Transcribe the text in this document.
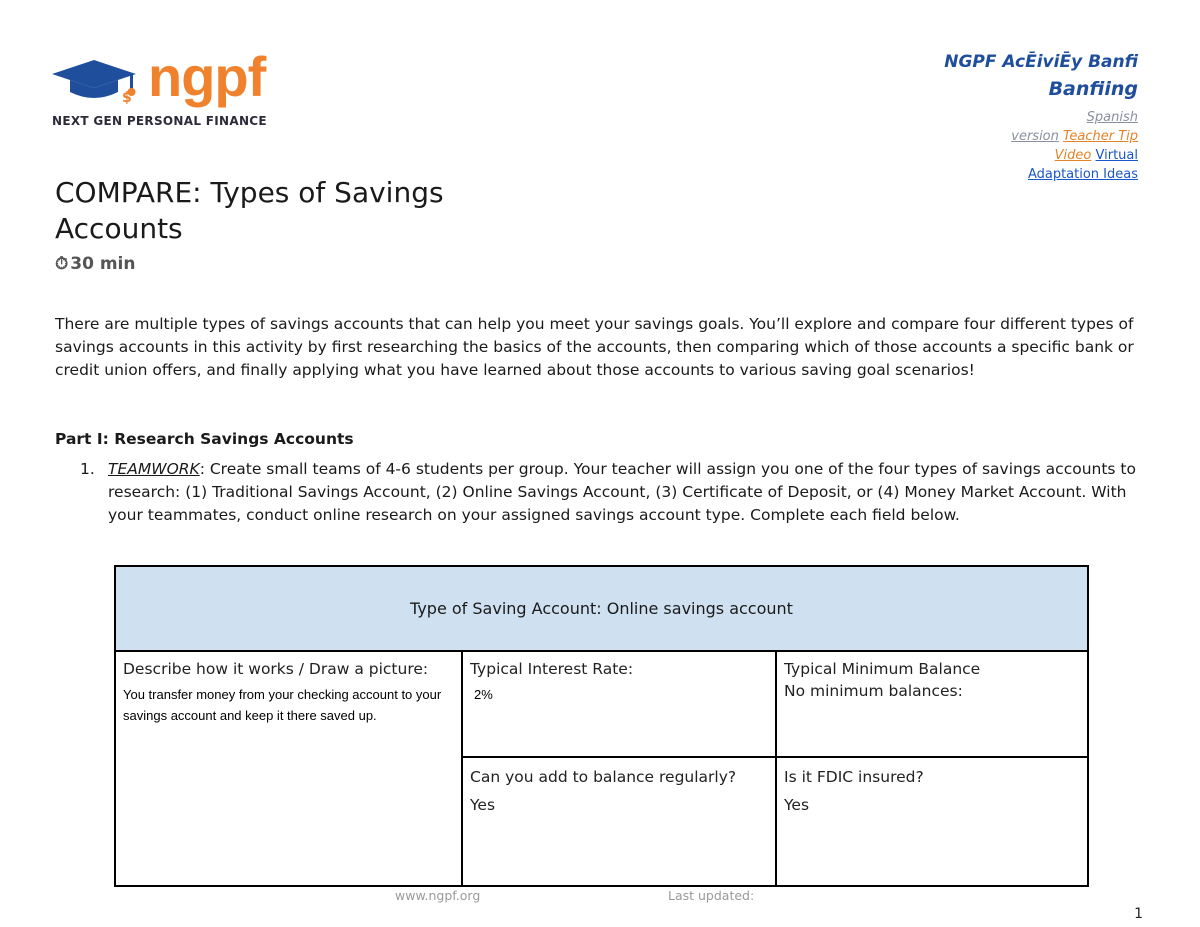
$ ngpf
NEXT GEN PERSONAL FINANCE
NGPF AcĒiviĒy Banfi
Banfiing
Spanish
version Teacher Tip
Video Virtual
Adaptation Ideas
COMPARE: Types of Savings Accounts
⏱ 30 min
There are multiple types of savings accounts that can help you meet your savings goals. You’ll explore and compare four different types of savings accounts in this activity by first researching the basics of the accounts, then comparing which of those accounts a specific bank or credit union offers, and finally applying what you have learned about those accounts to various saving goal scenarios!
Part I: Research Savings Accounts
1. TEAMWORK: Create small teams of 4-6 students per group. Your teacher will assign you one of the four types of savings accounts to research: (1) Traditional Savings Account, (2) Online Savings Account, (3) Certificate of Deposit, or (4) Money Market Account. With your teammates, conduct online research on your assigned savings account type. Complete each field below.
Type of Saving Account: Online savings account
Describe how it works / Draw a picture:
You transfer money from your checking account to your savings account and keep it there saved up.
Typical Interest Rate:
2%
Typical Minimum Balance
No minimum balances:
Can you add to balance regularly?
Yes
Is it FDIC insured?
Yes
www.ngpf.org	Last updated:
1
